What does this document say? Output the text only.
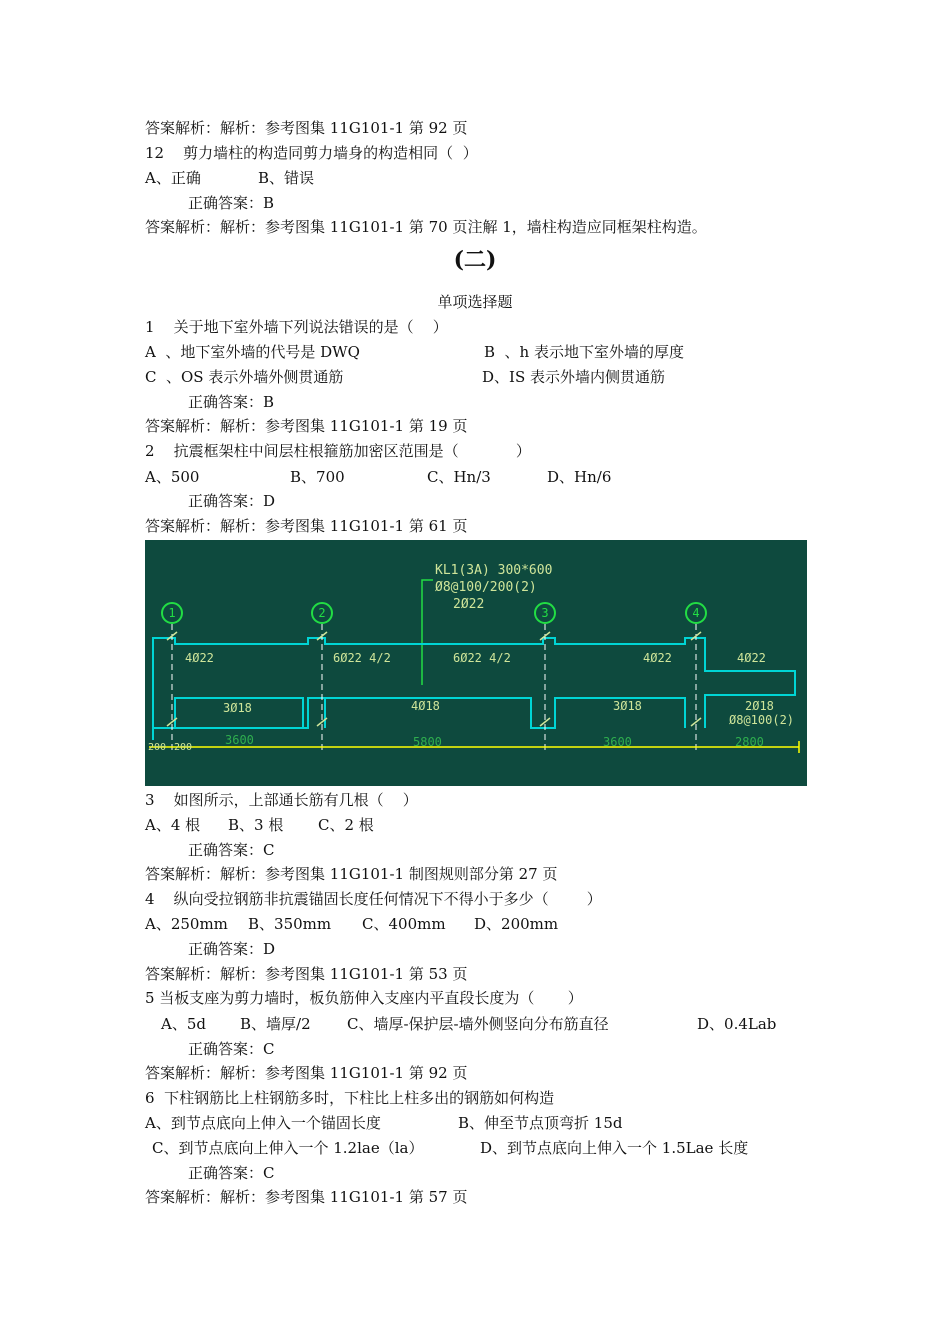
答案解析：解析：参考图集 11G101-1 第 92 页
12    剪力墙柱的构造同剪力墙身的构造相同（  ）
A、正确	B、错误
正确答案：B
答案解析：解析：参考图集 11G101-1 第 70 页注解 1，墙柱构造应同框架柱构造。
(二)
单项选择题
1    关于地下室外墙下列说法错误的是（    ）
A  、地下室外墙的代号是 DWQ	B  、h 表示地下室外墙的厚度
C  、OS 表示外墙外侧贯通筋	D、IS 表示外墙内侧贯通筋
正确答案：B
答案解析：解析：参考图集 11G101-1 第 19 页
2    抗震框架柱中间层柱根箍筋加密区范围是（            ）
A、500	B、700	C、Hn/3	D、Hn/6
正确答案：D
答案解析：解析：参考图集 11G101-1 第 61 页
KL1(3A) 300*600
Ø8@100/200(2)
2Ø22
1	2	3	4
4Ø22	6Ø22 4/2	6Ø22 4/2	4Ø22	4Ø22
3Ø18	4Ø18	3Ø18	2Ø18
Ø8@100(2)
3600	5800	3600	2800
200 200
3    如图所示，上部通长筋有几根（    ）
A、4 根 B、3 根 C、2 根
正确答案：C
答案解析：解析：参考图集 11G101-1 制图规则部分第 27 页
4    纵向受拉钢筋非抗震锚固长度任何情况下不得小于多少（        ）
A、250mm B、350mm C、400mm D、200mm
正确答案：D
答案解析：解析：参考图集 11G101-1 第 53 页
5 当板支座为剪力墙时，板负筋伸入支座内平直段长度为（       ）
A、5d B、墙厚/2 C、墙厚-保护层-墙外侧竖向分布筋直径	D、0.4Lab
正确答案：C
答案解析：解析：参考图集 11G101-1 第 92 页
6  下柱钢筋比上柱钢筋多时，下柱比上柱多出的钢筋如何构造
A、到节点底向上伸入一个锚固长度	B、伸至节点顶弯折 15d
C、到节点底向上伸入一个 1.2lae（la）	D、到节点底向上伸入一个 1.5Lae 长度
正确答案：C
答案解析：解析：参考图集 11G101-1 第 57 页
